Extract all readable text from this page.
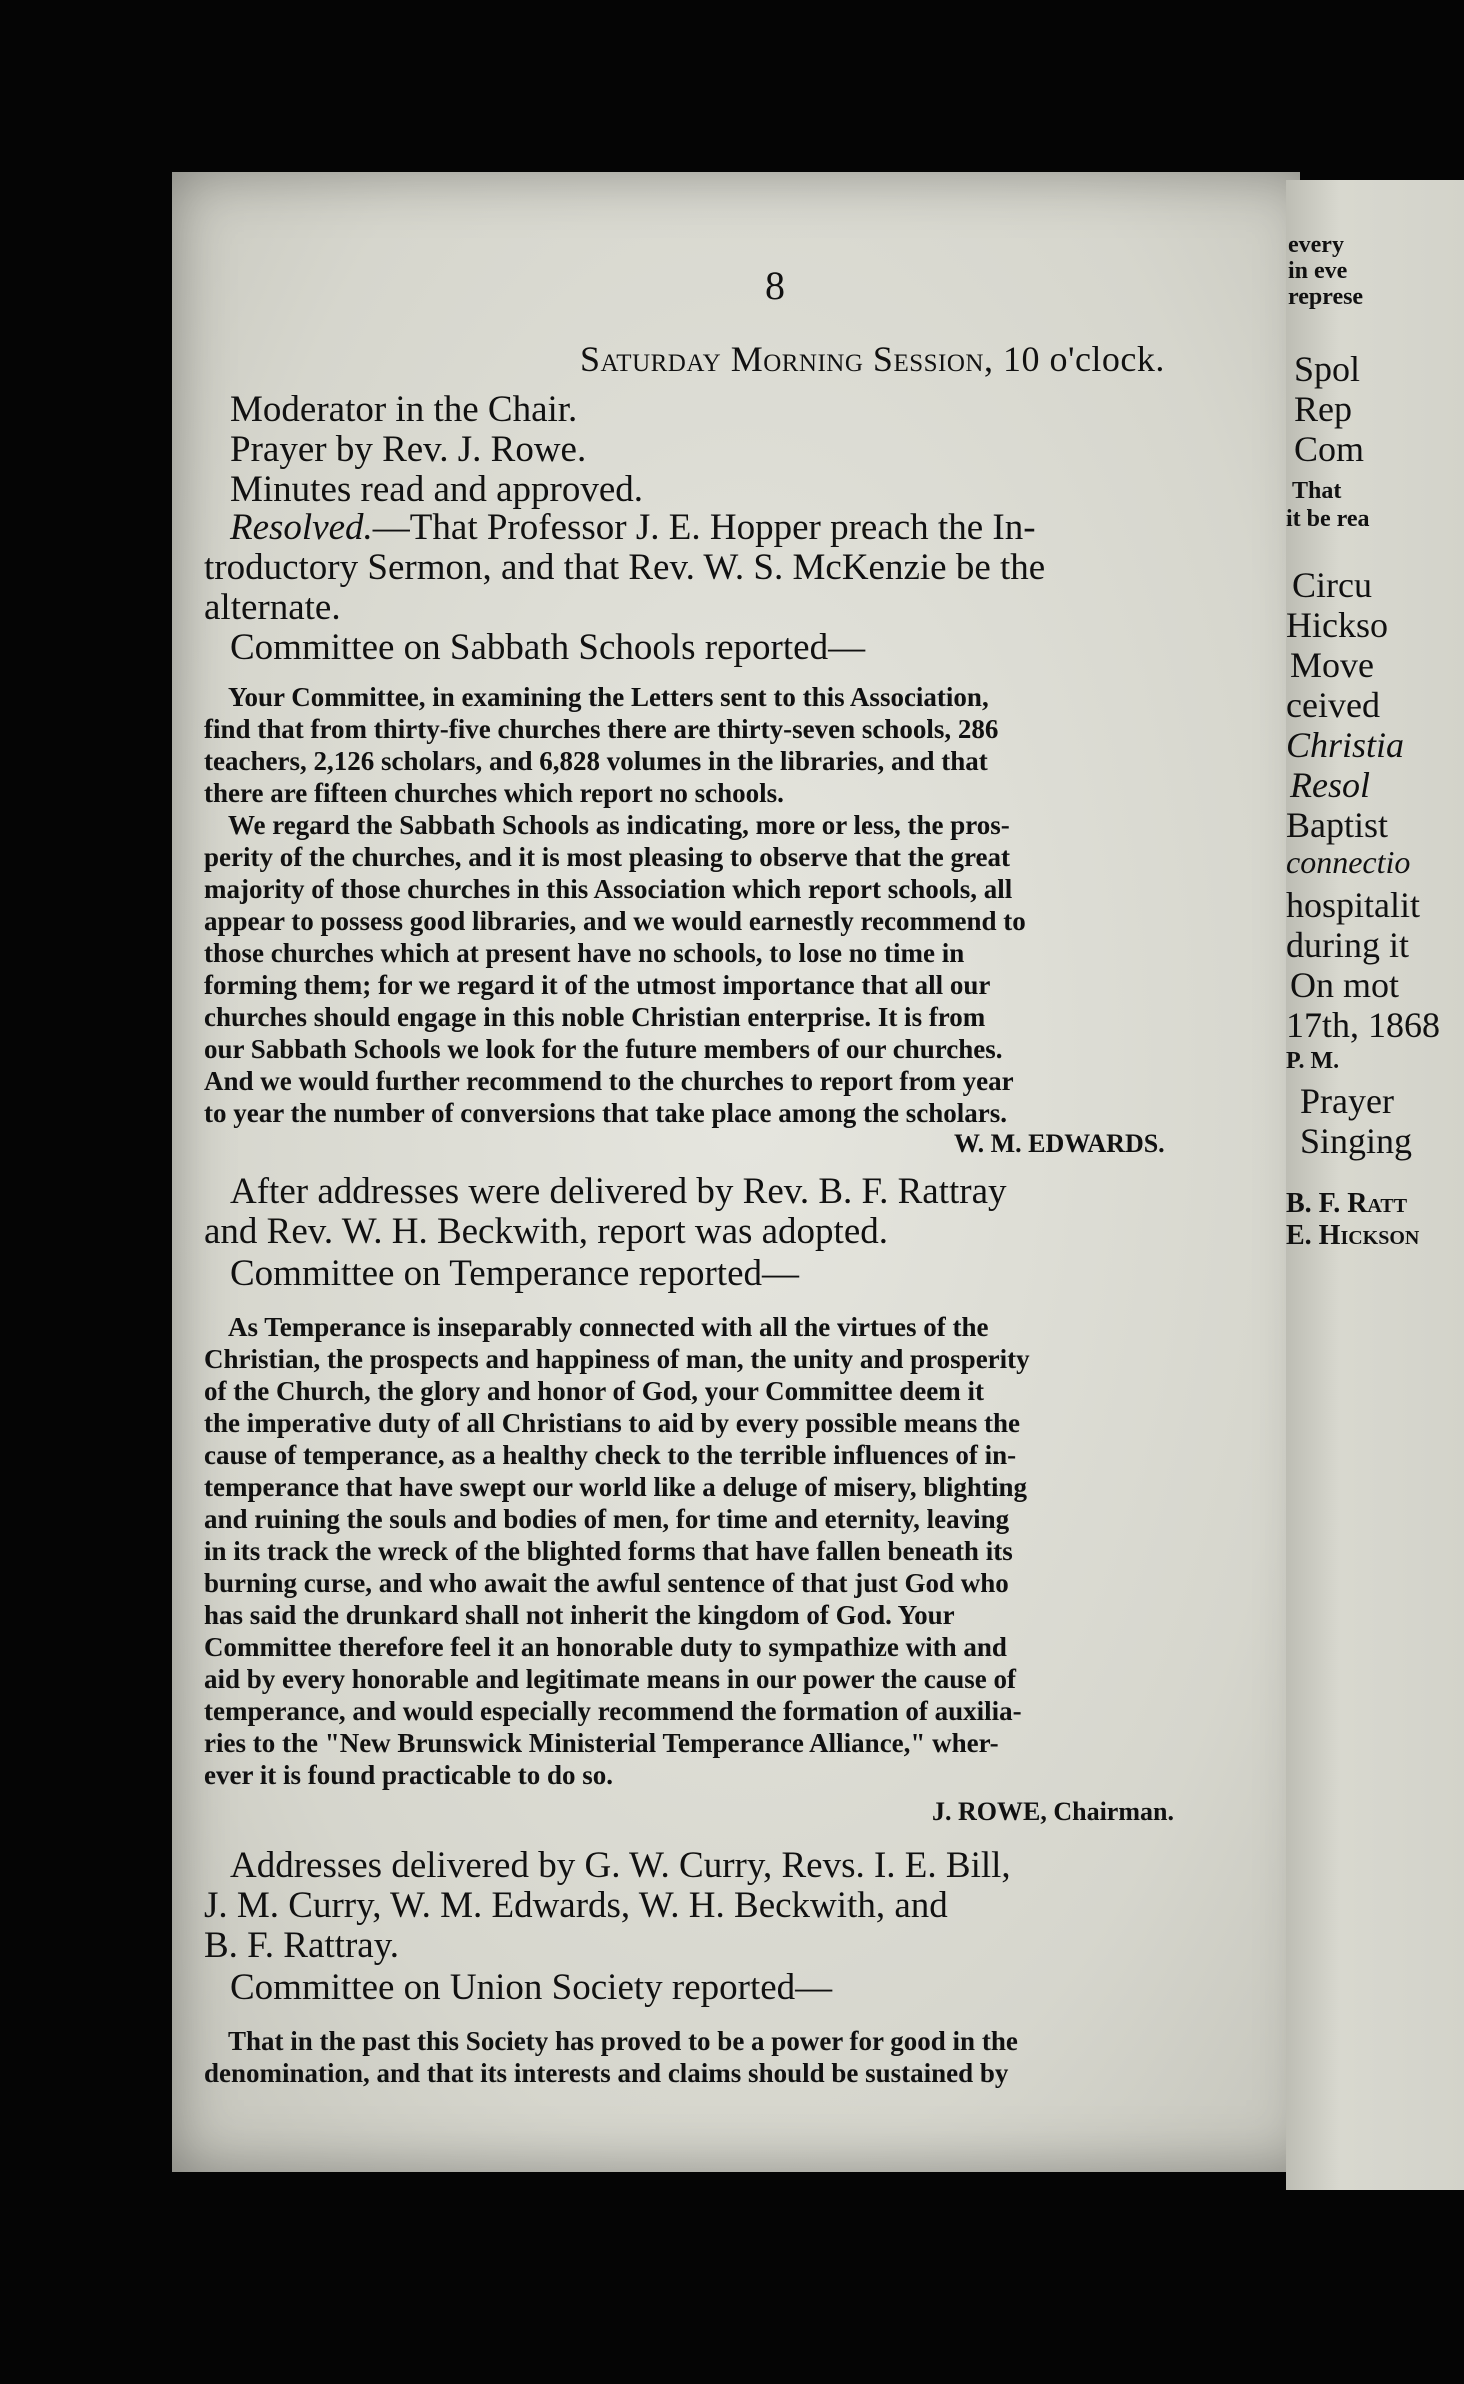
8
Saturday Morning Session, 10 o'clock.
Moderator in the Chair.
Prayer by Rev. J. Rowe.
Minutes read and approved.
Resolved.—That Professor J. E. Hopper preach the In-
troductory Sermon, and that Rev. W. S. McKenzie be the
alternate.
Committee on Sabbath Schools reported—
Your Committee, in examining the Letters sent to this Association,
find that from thirty-five churches there are thirty-seven schools, 286
teachers, 2,126 scholars, and 6,828 volumes in the libraries, and that
there are fifteen churches which report no schools.
We regard the Sabbath Schools as indicating, more or less, the pros-
perity of the churches, and it is most pleasing to observe that the great
majority of those churches in this Association which report schools, all
appear to possess good libraries, and we would earnestly recommend to
those churches which at present have no schools, to lose no time in
forming them; for we regard it of the utmost importance that all our
churches should engage in this noble Christian enterprise. It is from
our Sabbath Schools we look for the future members of our churches.
And we would further recommend to the churches to report from year
to year the number of conversions that take place among the scholars.
W. M. EDWARDS.
After addresses were delivered by Rev. B. F. Rattray
and Rev. W. H. Beckwith, report was adopted.
Committee on Temperance reported—
As Temperance is inseparably connected with all the virtues of the
Christian, the prospects and happiness of man, the unity and prosperity
of the Church, the glory and honor of God, your Committee deem it
the imperative duty of all Christians to aid by every possible means the
cause of temperance, as a healthy check to the terrible influences of in-
temperance that have swept our world like a deluge of misery, blighting
and ruining the souls and bodies of men, for time and eternity, leaving
in its track the wreck of the blighted forms that have fallen beneath its
burning curse, and who await the awful sentence of that just God who
has said the drunkard shall not inherit the kingdom of God. Your
Committee therefore feel it an honorable duty to sympathize with and
aid by every honorable and legitimate means in our power the cause of
temperance, and would especially recommend the formation of auxilia-
ries to the "New Brunswick Ministerial Temperance Alliance," wher-
ever it is found practicable to do so.
J. ROWE, Chairman.
Addresses delivered by G. W. Curry, Revs. I. E. Bill,
J. M. Curry, W. M. Edwards, W. H. Beckwith, and
B. F. Rattray.
Committee on Union Society reported—
That in the past this Society has proved to be a power for good in the
denomination, and that its interests and claims should be sustained by
every
in eve
represe
Spol
Rep
Com
That
it be rea
Circu
Hickso
Move
ceived
Christia
Resol
Baptist
connectio
hospitalit
during it
On mot
17th, 1868
P. M.
Prayer
Singing
B. F. Ratt
E. Hickson
